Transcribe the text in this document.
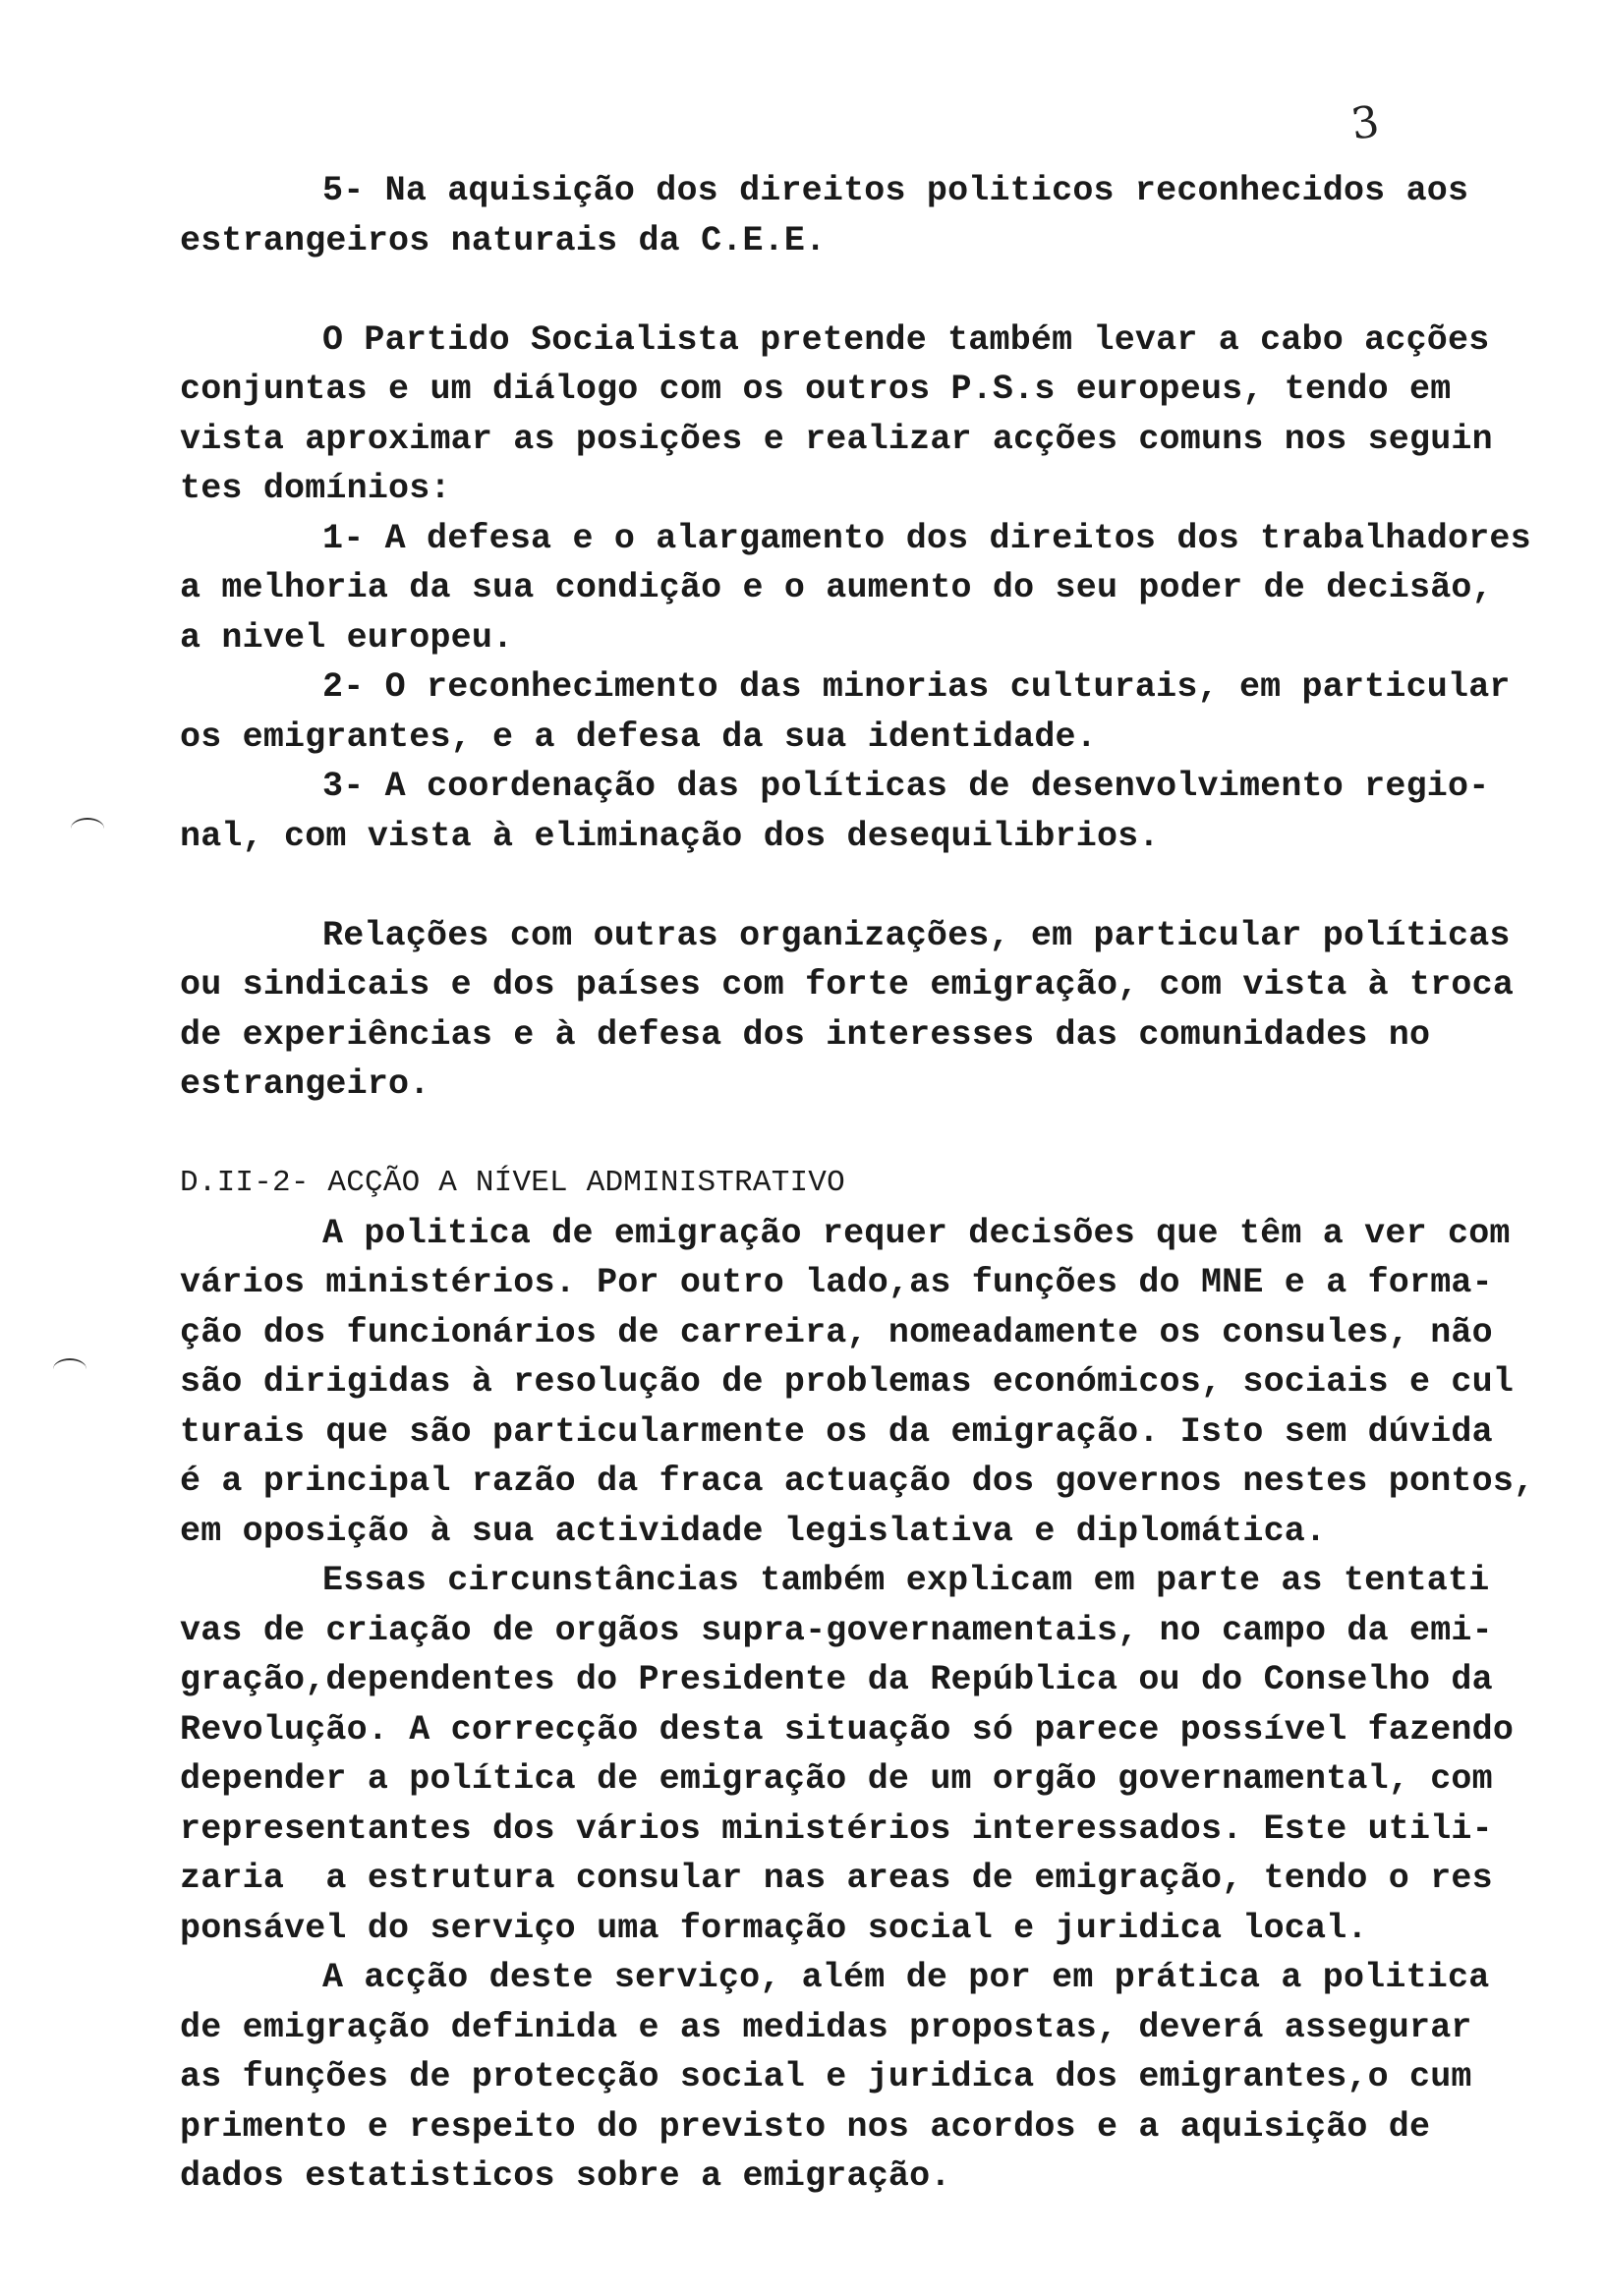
3
5- Na aquisição dos direitos politicos reconhecidos aos
estrangeiros naturais da C.E.E.
O Partido Socialista pretende também levar a cabo acções
conjuntas e um diálogo com os outros P.S.s europeus, tendo em
vista aproximar as posições e realizar acções comuns nos seguin
tes domínios:
1- A defesa e o alargamento dos direitos dos trabalhadores
a melhoria da sua condição e o aumento do seu poder de decisão,
a nivel europeu.
2- O reconhecimento das minorias culturais, em particular
os emigrantes, e a defesa da sua identidade.
3- A coordenação das políticas de desenvolvimento regio-
nal, com vista à eliminação dos desequilibrios.
Relações com outras organizações, em particular políticas
ou sindicais e dos países com forte emigração, com vista à troca
de experiências e à defesa dos interesses das comunidades no
estrangeiro.
D.II-2- ACÇÃO A NÍVEL ADMINISTRATIVO
A politica de emigração requer decisões que têm a ver com
vários ministérios. Por outro lado,as funções do MNE e a forma-
ção dos funcionários de carreira, nomeadamente os consules, não
são dirigidas à resolução de problemas económicos, sociais e cul
turais que são particularmente os da emigração. Isto sem dúvida
é a principal razão da fraca actuação dos governos nestes pontos,
em oposição à sua actividade legislativa e diplomática.
Essas circunstâncias também explicam em parte as tentati
vas de criação de orgãos supra-governamentais, no campo da emi-
gração,dependentes do Presidente da República ou do Conselho da
Revolução. A correcção desta situação só parece possível fazendo
depender a política de emigração de um orgão governamental, com
representantes dos vários ministérios interessados. Este utili-
zaria  a estrutura consular nas areas de emigração, tendo o res
ponsável do serviço uma formação social e juridica local.
A acção deste serviço, além de por em prática a politica
de emigração definida e as medidas propostas, deverá assegurar
as funções de protecção social e juridica dos emigrantes,o cum
primento e respeito do previsto nos acordos e a aquisição de
dados estatisticos sobre a emigração.
